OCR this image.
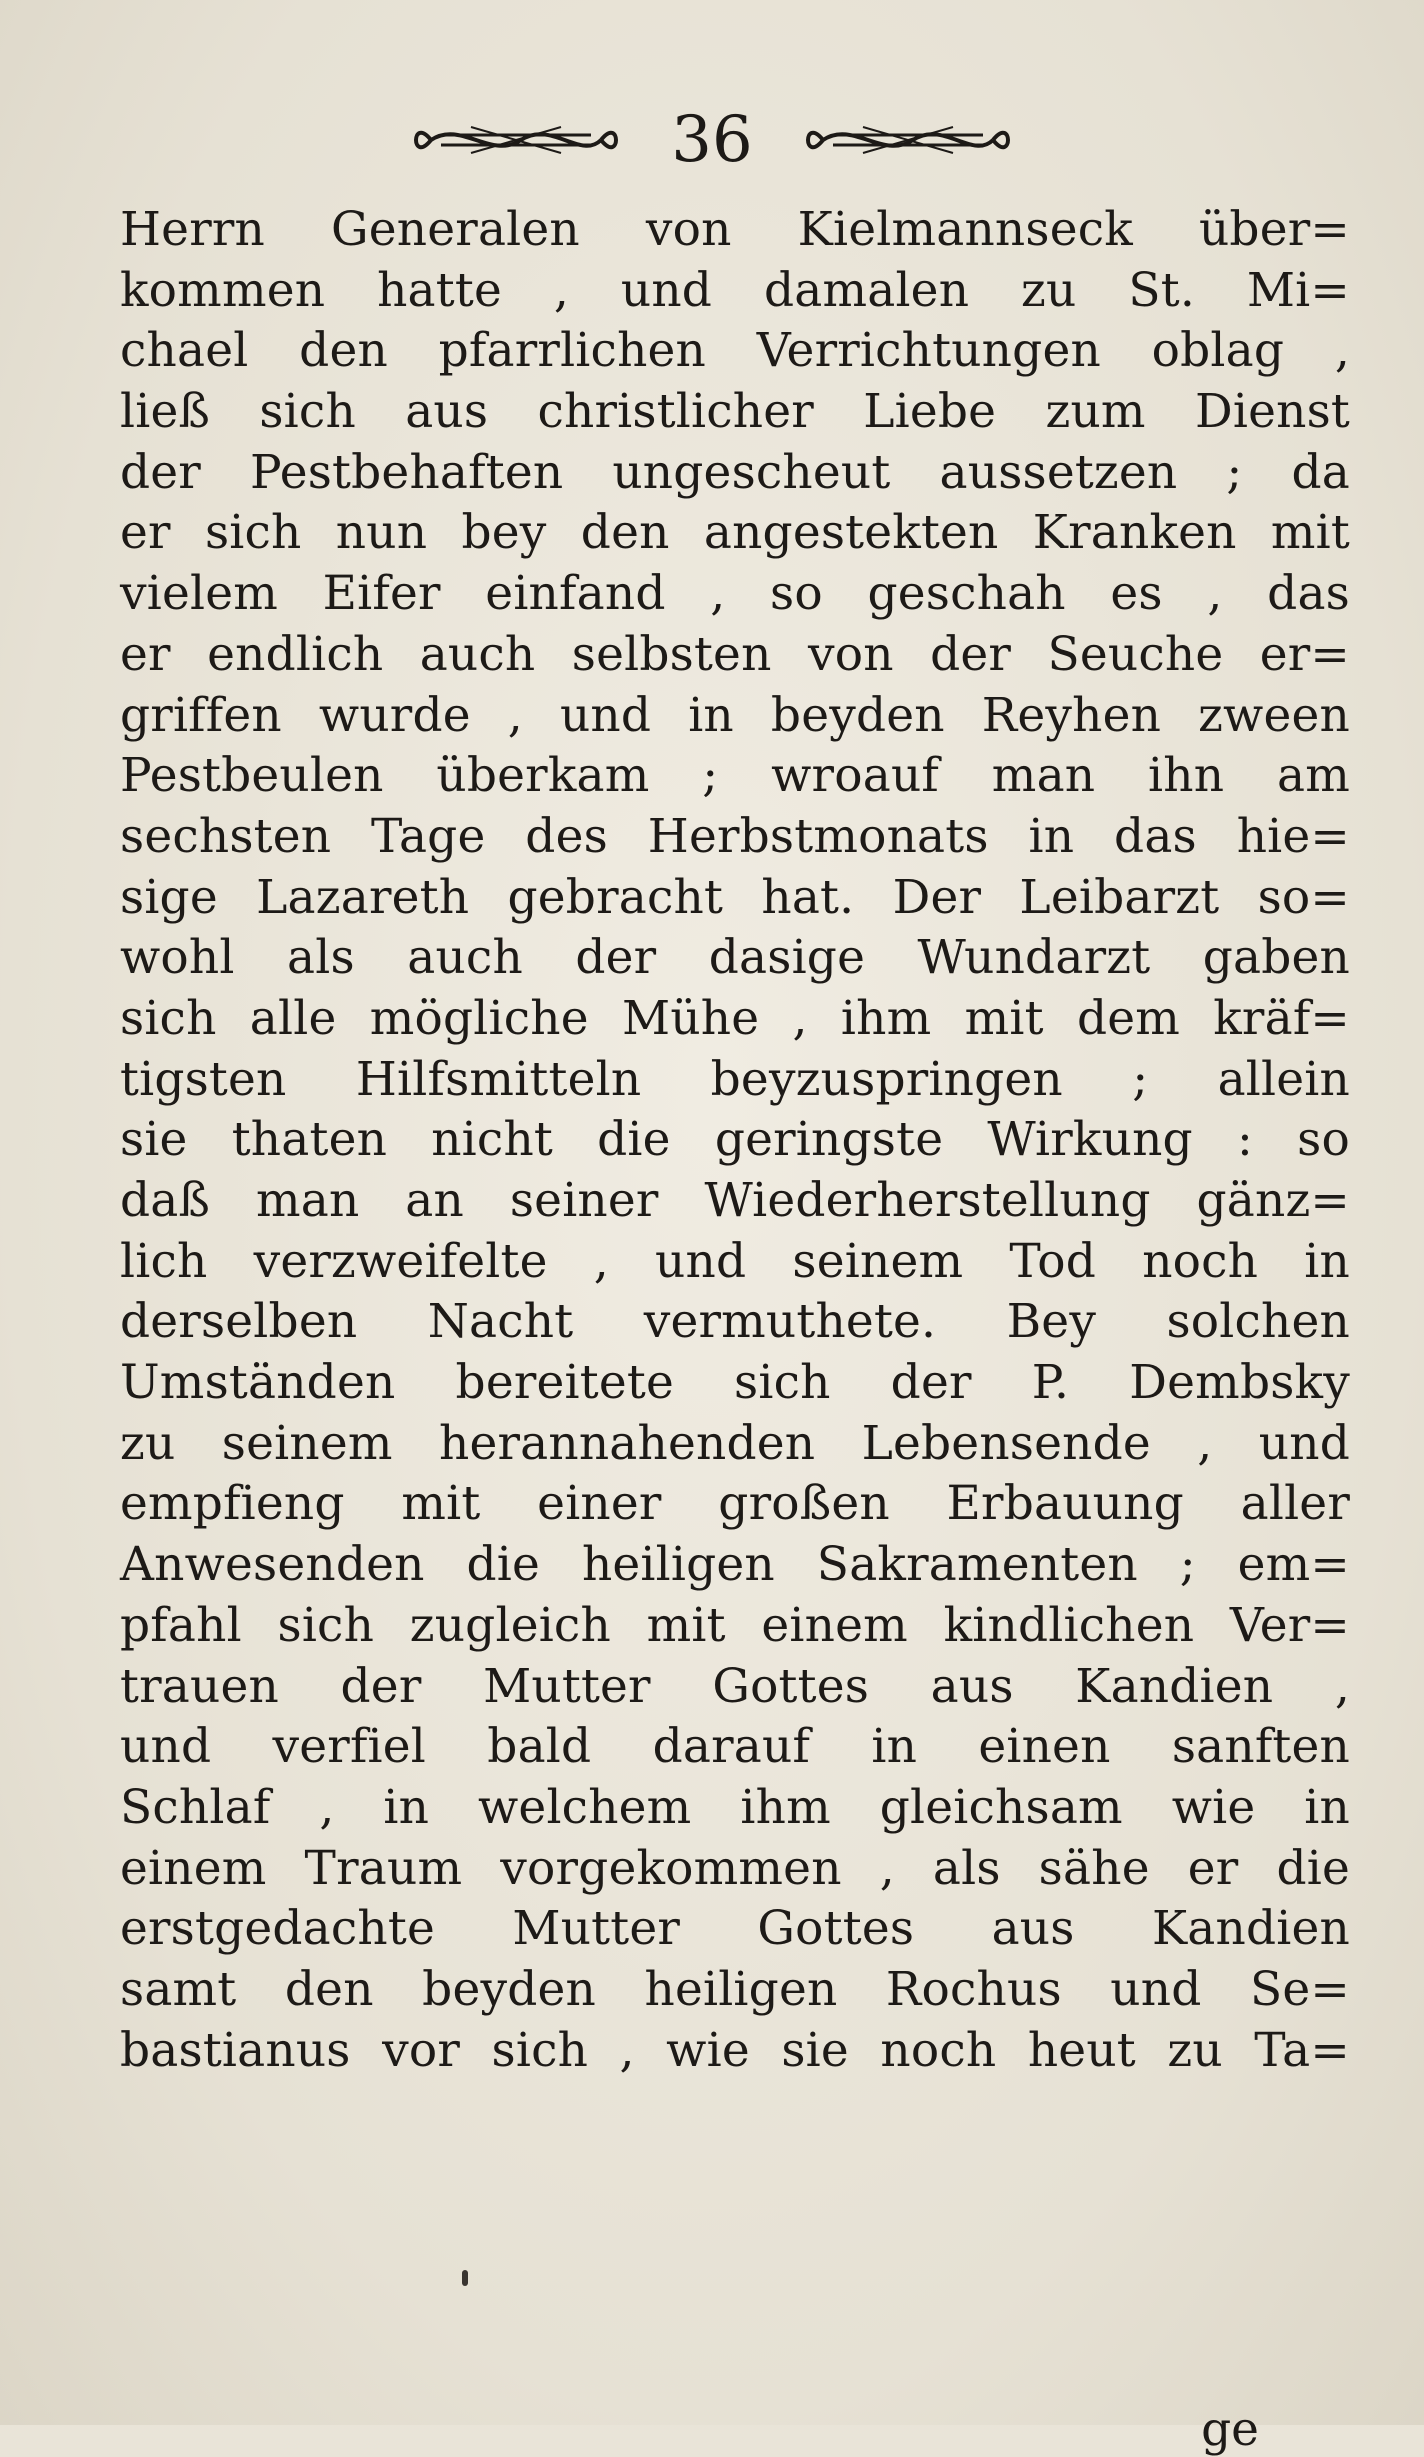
36
Herrn Generalen von Kielmannseck über=
kommen hatte , und damalen zu St. Mi=
chael den pfarrlichen Verrichtungen oblag ,
ließ sich aus christlicher Liebe zum Dienst
der Pestbehaften ungescheut aussetzen ; da
er sich nun bey den angestekten Kranken mit
vielem Eifer einfand , so geschah es , das
er endlich auch selbsten von der Seuche er=
griffen wurde , und in beyden Reyhen zween
Pestbeulen überkam ; wroauf man ihn am
sechsten Tage des Herbstmonats in das hie=
sige Lazareth gebracht hat. Der Leibarzt so=
wohl als auch der dasige Wundarzt gaben
sich alle mögliche Mühe , ihm mit dem kräf=
tigsten Hilfsmitteln beyzuspringen ; allein
sie thaten nicht die geringste Wirkung : so
daß man an seiner Wiederherstellung gänz=
lich verzweifelte , und seinem Tod noch in
derselben Nacht vermuthete. Bey solchen
Umständen bereitete sich der P. Dembsky
zu seinem herannahenden Lebensende , und
empfieng mit einer großen Erbauung aller
Anwesenden die heiligen Sakramenten ; em=
pfahl sich zugleich mit einem kindlichen Ver=
trauen der Mutter Gottes aus Kandien ,
und verfiel bald darauf in einen sanften
Schlaf , in welchem ihm gleichsam wie in
einem Traum vorgekommen , als sähe er die
erstgedachte Mutter Gottes aus Kandien
samt den beyden heiligen Rochus und Se=
bastianus vor sich , wie sie noch heut zu Ta=
ge
